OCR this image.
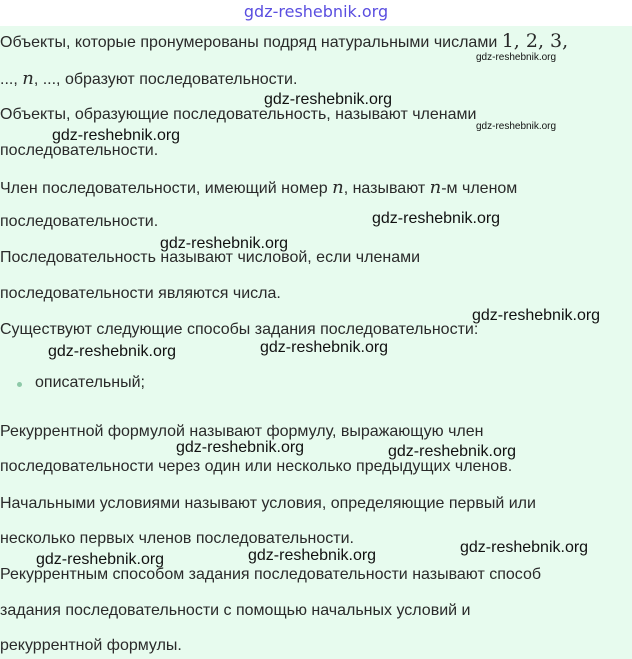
gdz-reshebnik.org
Объекты, которые пронумерованы подряд натуральными числами 1, 2, 3,
..., n, ..., образуют последовательности.
Объекты, образующие последовательность, называют членами
последовательности.
Член последовательности, имеющий номер n, называют n-м членом
последовательности.
Последовательность называют числовой, если членами
последовательности являются числа.
Существуют следующие способы задания последовательности:
описательный;
Рекуррентной формулой называют формулу, выражающую член
последовательности через один или несколько предыдущих членов.
Начальными условиями называют условия, определяющие первый или
несколько первых членов последовательности.
Рекуррентным способом задания последовательности называют способ
задания последовательности с помощью начальных условий и
рекуррентной формулы.
gdz-reshebnik.org
gdz-reshebnik.org
gdz-reshebnik.org
gdz-reshebnik.org
gdz-reshebnik.org
gdz-reshebnik.org
gdz-reshebnik.org
gdz-reshebnik.org
gdz-reshebnik.org
gdz-reshebnik.org	gdz-reshebnik.org
gdz-reshebnik.org
gdz-reshebnik.org
gdz-reshebnik.org
